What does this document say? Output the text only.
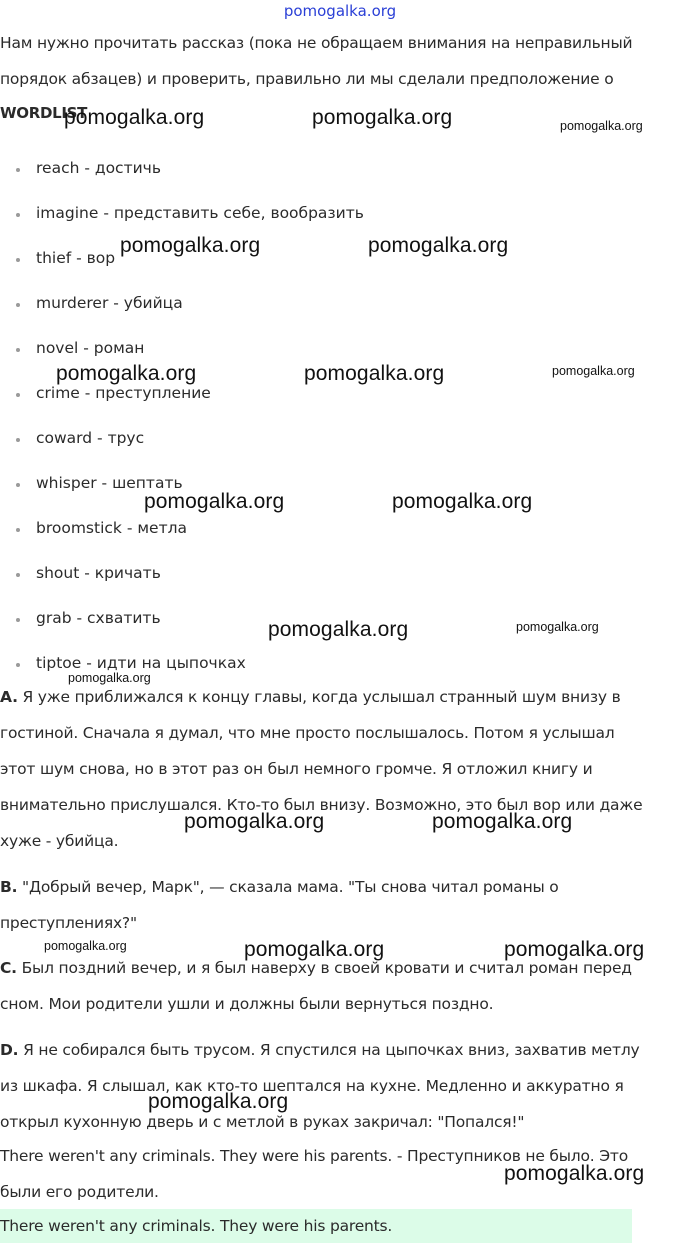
pomogalka.org
Нам нужно прочитать рассказ (пока не обращаем внимания на неправильный
порядок абзацев) и проверить, правильно ли мы сделали предположение о
WORDLIST
reach - достичь
imagine - представить себе, вообразить
thief - вор
murderer - убийца
novel - роман
crime - преступление
coward - трус
whisper - шептать
broomstick - метла
shout - кричать
grab - схватить
tiptoe - идти на цыпочках
A. Я уже приближался к концу главы, когда услышал странный шум внизу в
гостиной. Сначала я думал, что мне просто послышалось. Потом я услышал
этот шум снова, но в этот раз он был немного громче. Я отложил книгу и
внимательно прислушался. Кто-то был внизу. Возможно, это был вор или даже
хуже - убийца.
B. "Добрый вечер, Марк", — сказала мама. "Ты снова читал романы о
преступлениях?"
C. Был поздний вечер, и я был наверху в своей кровати и считал роман перед
сном. Мои родители ушли и должны были вернуться поздно.
D. Я не собирался быть трусом. Я спустился на цыпочках вниз, захватив метлу
из шкафа. Я слышал, как кто-то шептался на кухне. Медленно и аккуратно я
открыл кухонную дверь и с метлой в руках закричал: "Попался!"
There weren't any criminals. They were his parents. - Преступников не было. Это
были его родители.
There weren't any criminals. They were his parents.
pomogalka.org	pomogalka.org	pomogalka.org
pomogalka.org	pomogalka.org
pomogalka.org	pomogalka.org	pomogalka.org
pomogalka.org	pomogalka.org
pomogalka.org	pomogalka.org
pomogalka.org
pomogalka.org	pomogalka.org
pomogalka.org	pomogalka.org	pomogalka.org
pomogalka.org
pomogalka.org
